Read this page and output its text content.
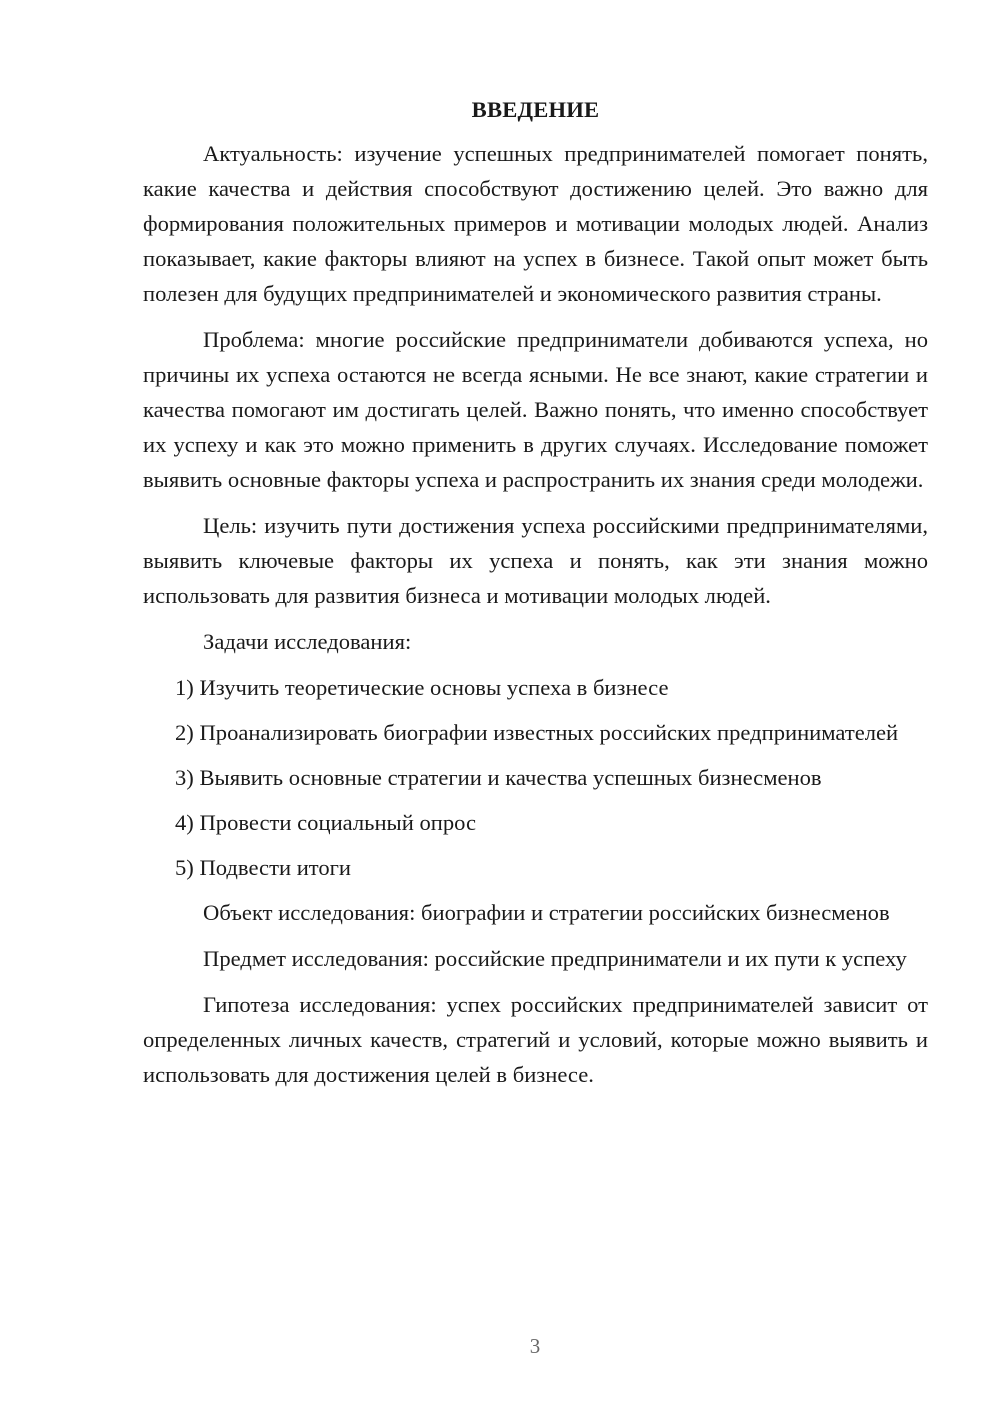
ВВЕДЕНИЕ

Актуальность: изучение успешных предпринимателей помогает понять, какие качества и действия способствуют достижению целей. Это важно для формирования положительных примеров и мотивации молодых людей. Анализ показывает, какие факторы влияют на успех в бизнесе. Такой опыт может быть полезен для будущих предпринимателей и экономического развития страны.

Проблема: многие российские предприниматели добиваются успеха, но причины их успеха остаются не всегда ясными. Не все знают, какие стратегии и качества помогают им достигать целей. Важно понять, что именно способствует их успеху и как это можно применить в других случаях. Исследование поможет выявить основные факторы успеха и распространить их знания среди молодежи.

Цель: изучить пути достижения успеха российскими предпринимателями, выявить ключевые факторы их успеха и понять, как эти знания можно использовать для развития бизнеса и мотивации молодых людей.

Задачи исследования:

1) Изучить теоретические основы успеха в бизнесе

2) Проанализировать биографии известных российских предпринимателей

3) Выявить основные стратегии и качества успешных бизнесменов

4) Провести социальный опрос

5) Подвести итоги

Объект исследования: биографии и стратегии российских бизнесменов

Предмет исследования: российские предприниматели и их пути к успеху

Гипотеза исследования: успех российских предпринимателей зависит от определенных личных качеств, стратегий и условий, которые можно выявить и использовать для достижения целей в бизнесе.

3
